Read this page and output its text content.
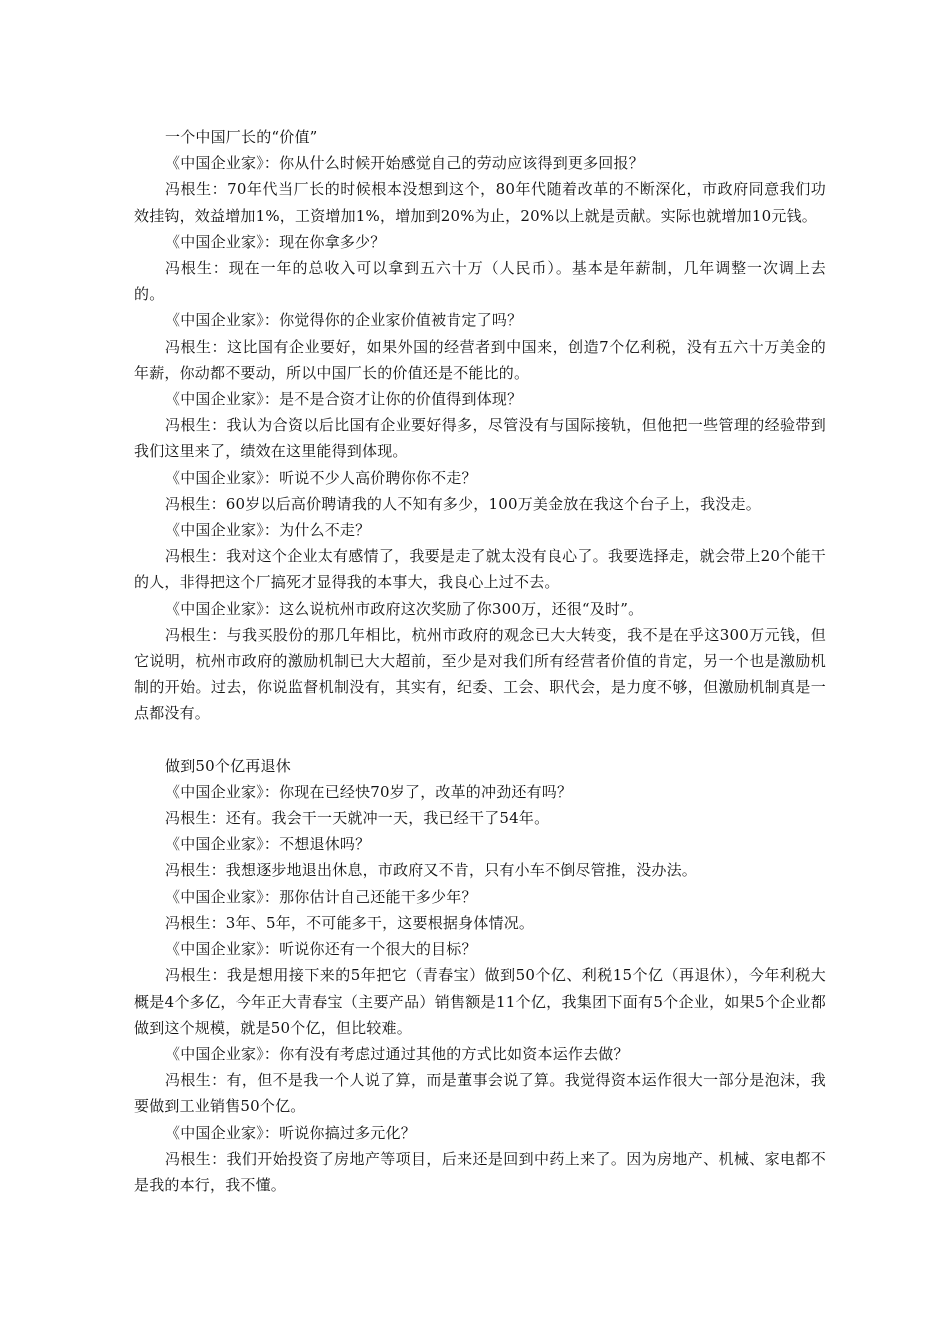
一个中国厂长的“价值”

《中国企业家》：你从什么时候开始感觉自己的劳动应该得到更多回报？

冯根生：70年代当厂长的时候根本没想到这个，80年代随着改革的不断深化，市政府同意我们功效挂钩，效益增加1%，工资增加1%，增加到20%为止，20%以上就是贡献。实际也就增加10元钱。

《中国企业家》：现在你拿多少？

冯根生：现在一年的总收入可以拿到五六十万（人民币）。基本是年薪制，几年调整一次调上去的。

《中国企业家》：你觉得你的企业家价值被肯定了吗？

冯根生：这比国有企业要好，如果外国的经营者到中国来，创造7个亿利税，没有五六十万美金的年薪，你动都不要动，所以中国厂长的价值还是不能比的。

《中国企业家》：是不是合资才让你的价值得到体现？

冯根生：我认为合资以后比国有企业要好得多，尽管没有与国际接轨，但他把一些管理的经验带到我们这里来了，绩效在这里能得到体现。

《中国企业家》：听说不少人高价聘你你不走？

冯根生：60岁以后高价聘请我的人不知有多少，100万美金放在我这个台子上，我没走。

《中国企业家》：为什么不走？

冯根生：我对这个企业太有感情了，我要是走了就太没有良心了。我要选择走，就会带上20个能干的人，非得把这个厂搞死才显得我的本事大，我良心上过不去。

《中国企业家》：这么说杭州市政府这次奖励了你300万，还很“及时”。

冯根生：与我买股份的那几年相比，杭州市政府的观念已大大转变，我不是在乎这300万元钱，但它说明，杭州市政府的激励机制已大大超前，至少是对我们所有经营者价值的肯定，另一个也是激励机制的开始。过去，你说监督机制没有，其实有，纪委、工会、职代会，是力度不够，但激励机制真是一点都没有。

做到50个亿再退休

《中国企业家》：你现在已经快70岁了，改革的冲劲还有吗？

冯根生：还有。我会干一天就冲一天，我已经干了54年。

《中国企业家》：不想退休吗？

冯根生：我想逐步地退出休息，市政府又不肯，只有小车不倒尽管推，没办法。

《中国企业家》：那你估计自己还能干多少年？

冯根生：3年、5年，不可能多干，这要根据身体情况。

《中国企业家》：听说你还有一个很大的目标？

冯根生：我是想用接下来的5年把它（青春宝）做到50个亿、利税15个亿（再退休），今年利税大概是4个多亿，今年正大青春宝（主要产品）销售额是11个亿，我集团下面有5个企业，如果5个企业都做到这个规模，就是50个亿，但比较难。

《中国企业家》：你有没有考虑过通过其他的方式比如资本运作去做？

冯根生：有，但不是我一个人说了算，而是董事会说了算。我觉得资本运作很大一部分是泡沫，我要做到工业销售50个亿。

《中国企业家》：听说你搞过多元化？

冯根生：我们开始投资了房地产等项目，后来还是回到中药上来了。因为房地产、机械、家电都不是我的本行，我不懂。
